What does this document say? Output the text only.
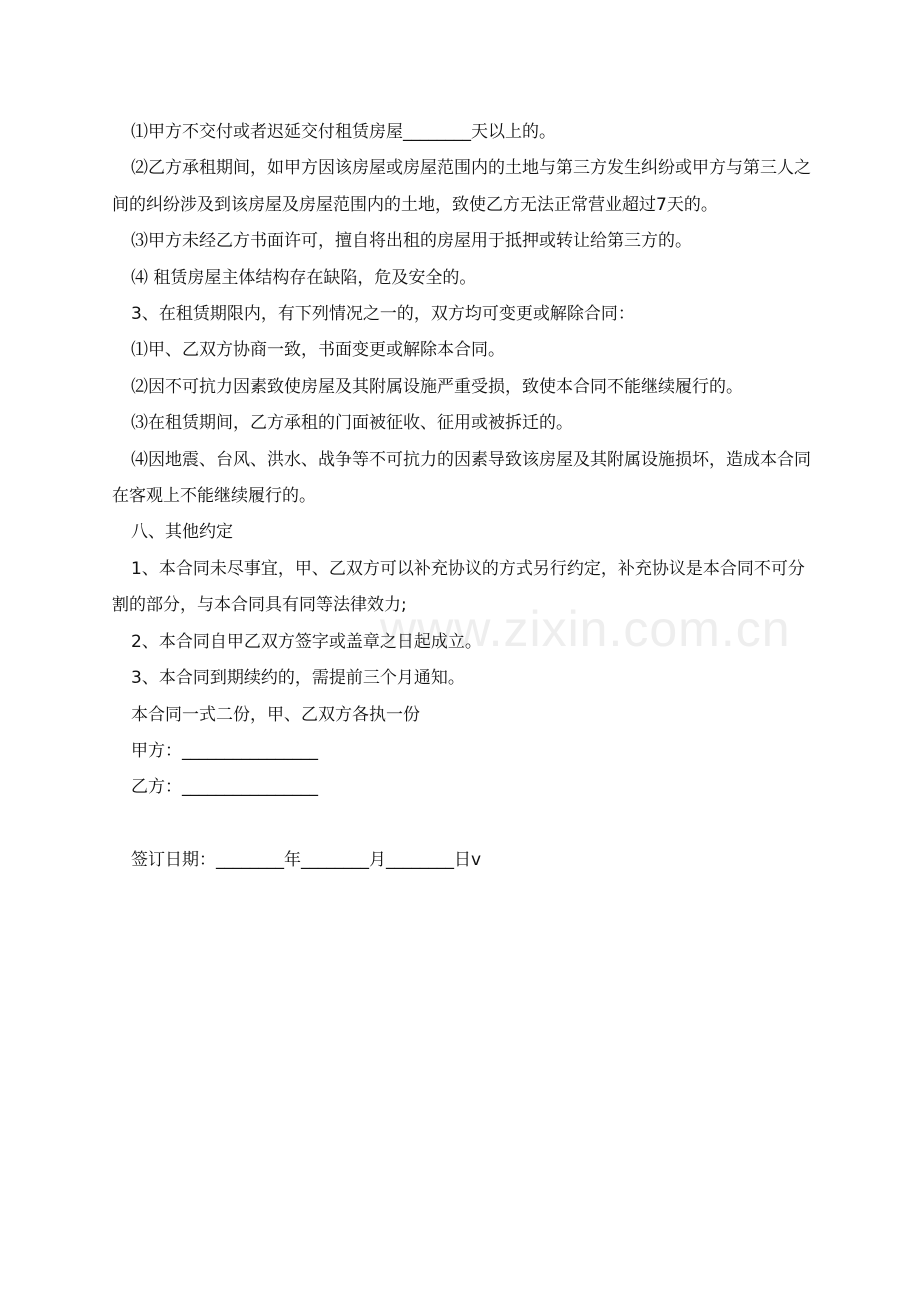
www.zixin.com.cn

⑴甲方不交付或者迟延交付租赁房屋________天以上的。

⑵乙方承租期间，如甲方因该房屋或房屋范围内的土地与第三方发生纠纷或甲方与第三人之间的纠纷涉及到该房屋及房屋范围内的土地，致使乙方无法正常营业超过7天的。

⑶甲方未经乙方书面许可，擅自将出租的房屋用于抵押或转让给第三方的。

⑷ 租赁房屋主体结构存在缺陷，危及安全的。

3、在租赁期限内，有下列情况之一的，双方均可变更或解除合同：

⑴甲、乙双方协商一致，书面变更或解除本合同。

⑵因不可抗力因素致使房屋及其附属设施严重受损，致使本合同不能继续履行的。

⑶在租赁期间，乙方承租的门面被征收、征用或被拆迁的。

⑷因地震、台风、洪水、战争等不可抗力的因素导致该房屋及其附属设施损坏，造成本合同在客观上不能继续履行的。

八、其他约定

1、本合同未尽事宜，甲、乙双方可以补充协议的方式另行约定，补充协议是本合同不可分割的部分，与本合同具有同等法律效力;

2、本合同自甲乙双方签字或盖章之日起成立。

3、本合同到期续约的，需提前三个月通知。

本合同一式二份，甲、乙双方各执一份

甲方：________________

乙方：________________

签订日期：________年________月________日v
